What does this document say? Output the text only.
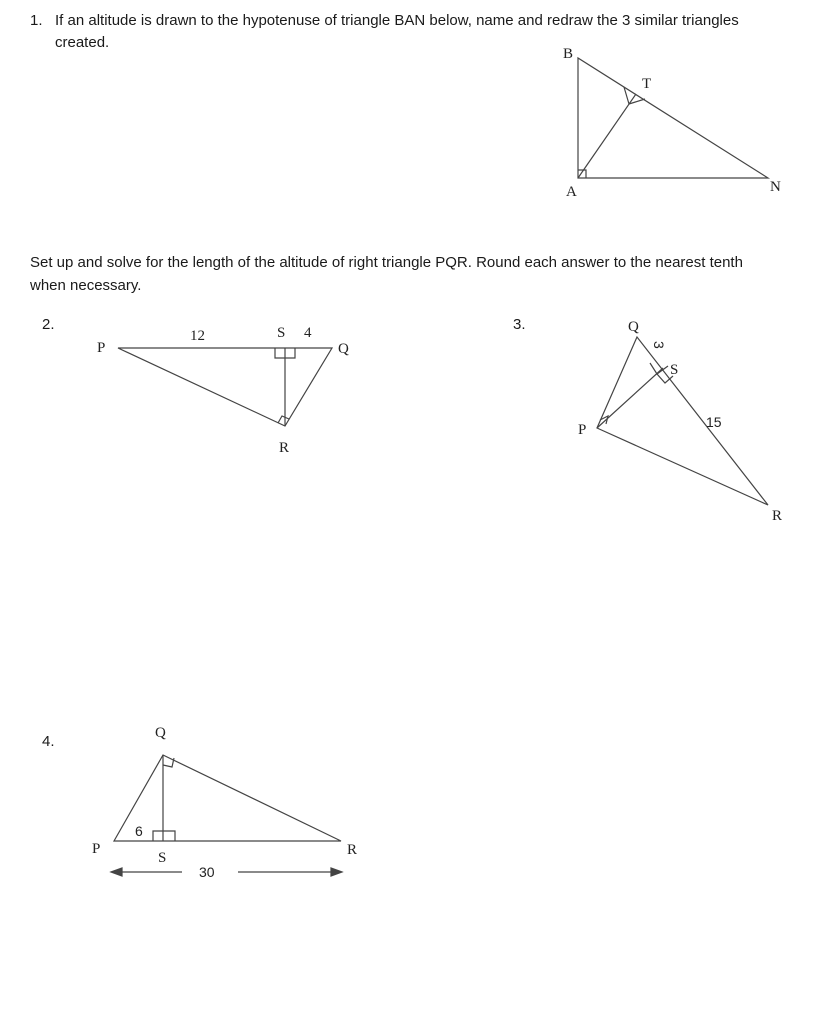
1. If an altitude is drawn to the hypotenuse of triangle BAN below, name and redraw the 3 similar triangles
created.
Set up and solve for the length of the altitude of right triangle PQR. Round each answer to the nearest tenth
when necessary.
2.	3.
4.
B
T
A	N
P
12	S 4
Q
R
Q
3
S
P	15
R
Q
P
6
S	R
30
